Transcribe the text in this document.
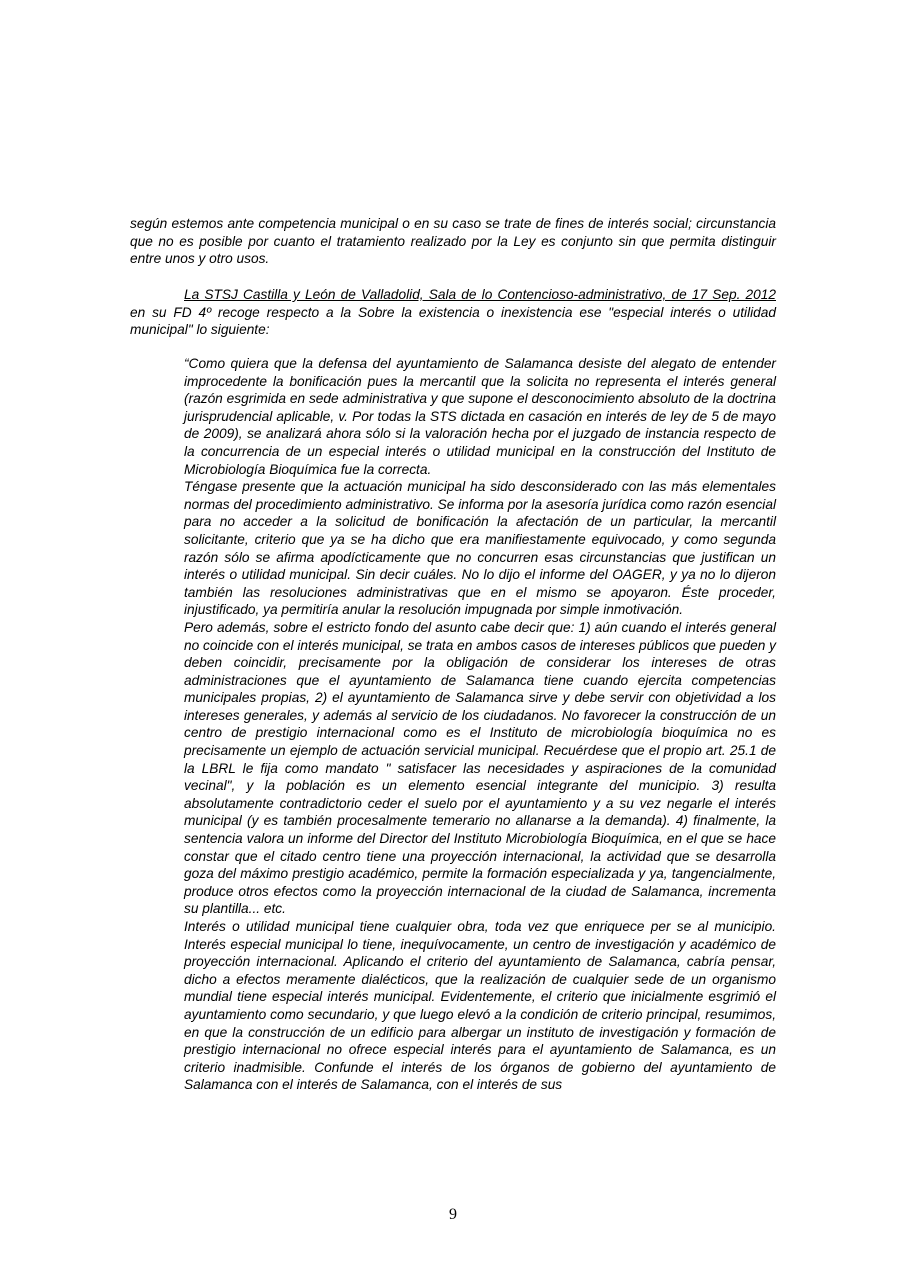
según estemos ante competencia municipal o en su caso se trate de fines de interés social; circunstancia que no es posible por cuanto el tratamiento realizado por la Ley es conjunto sin que permita distinguir entre unos y otro usos.

La STSJ Castilla y León de Valladolid, Sala de lo Contencioso-administrativo, de 17 Sep. 2012 en su FD 4º recoge respecto a la Sobre la existencia o inexistencia ese "especial interés o utilidad municipal" lo siguiente:

“Como quiera que la defensa del ayuntamiento de Salamanca desiste del alegato de entender improcedente la bonificación pues la mercantil que la solicita no representa el interés general (razón esgrimida en sede administrativa y que supone el desconocimiento absoluto de la doctrina jurisprudencial aplicable, v. Por todas la STS dictada en casación en interés de ley de 5 de mayo de 2009), se analizará ahora sólo si la valoración hecha por el juzgado de instancia respecto de la concurrencia de un especial interés o utilidad municipal en la construcción del Instituto de Microbiología Bioquímica fue la correcta.

Téngase presente que la actuación municipal ha sido desconsiderado con las más elementales normas del procedimiento administrativo. Se informa por la asesoría jurídica como razón esencial para no acceder a la solicitud de bonificación la afectación de un particular, la mercantil solicitante, criterio que ya se ha dicho que era manifiestamente equivocado, y como segunda razón sólo se afirma apodícticamente que no concurren esas circunstancias que justifican un interés o utilidad municipal. Sin decir cuáles. No lo dijo el informe del OAGER, y ya no lo dijeron también las resoluciones administrativas que en el mismo se apoyaron. Éste proceder, injustificado, ya permitiría anular la resolución impugnada por simple inmotivación.

Pero además, sobre el estricto fondo del asunto cabe decir que: 1) aún cuando el interés general no coincide con el interés municipal, se trata en ambos casos de intereses públicos que pueden y deben coincidir, precisamente por la obligación de considerar los intereses de otras administraciones que el ayuntamiento de Salamanca tiene cuando ejercita competencias municipales propias, 2) el ayuntamiento de Salamanca sirve y debe servir con objetividad a los intereses generales, y además al servicio de los ciudadanos. No favorecer la construcción de un centro de prestigio internacional como es el Instituto de microbiología bioquímica no es precisamente un ejemplo de actuación servicial municipal. Recuérdese que el propio art. 25.1 de la LBRL le fija como mandato " satisfacer las necesidades y aspiraciones de la comunidad vecinal", y la población es un elemento esencial integrante del municipio. 3) resulta absolutamente contradictorio ceder el suelo por el ayuntamiento y a su vez negarle el interés municipal (y es también procesalmente temerario no allanarse a la demanda). 4) finalmente, la sentencia valora un informe del Director del Instituto Microbiología Bioquímica, en el que se hace constar que el citado centro tiene una proyección internacional, la actividad que se desarrolla goza del máximo prestigio académico, permite la formación especializada y ya, tangencialmente, produce otros efectos como la proyección internacional de la ciudad de Salamanca, incrementa su plantilla... etc.

Interés o utilidad municipal tiene cualquier obra, toda vez que enriquece per se al municipio. Interés especial municipal lo tiene, inequívocamente, un centro de investigación y académico de proyección internacional. Aplicando el criterio del ayuntamiento de Salamanca, cabría pensar, dicho a efectos meramente dialécticos, que la realización de cualquier sede de un organismo mundial tiene especial interés municipal. Evidentemente, el criterio que inicialmente esgrimió el ayuntamiento como secundario, y que luego elevó a la condición de criterio principal, resumimos, en que la construcción de un edificio para albergar un instituto de investigación y formación de prestigio internacional no ofrece especial interés para el ayuntamiento de Salamanca, es un criterio inadmisible. Confunde el interés de los órganos de gobierno del ayuntamiento de Salamanca con el interés de Salamanca, con el interés de sus

9
